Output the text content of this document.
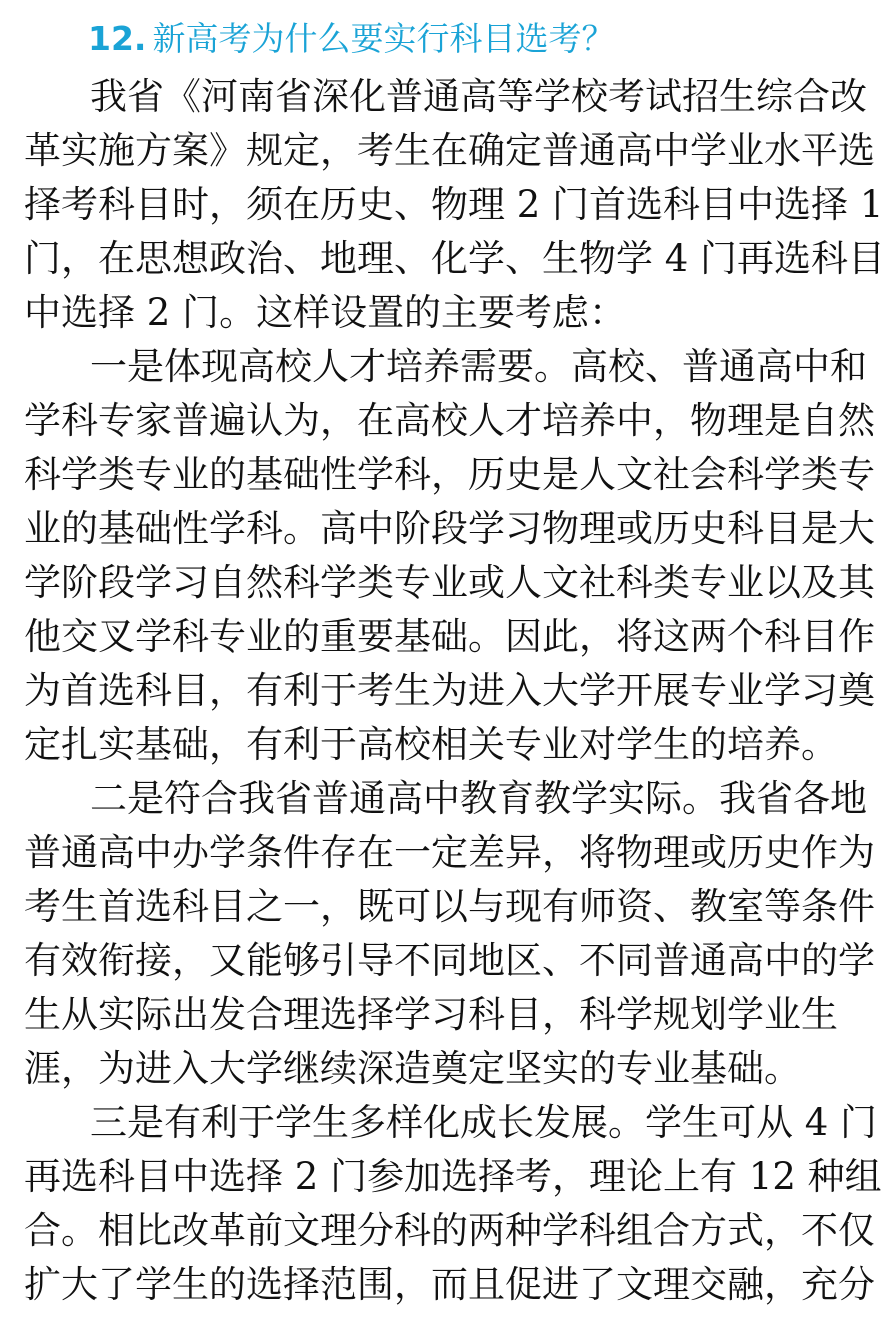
12. 新高考为什么要实行科目选考？
我省《河南省深化普通高等学校考试招生综合改
革实施方案》规定，考生在确定普通高中学业水平选
择考科目时，须在历史、物理 2 门首选科目中选择 1
门，在思想政治、地理、化学、生物学 4 门再选科目
中选择 2 门。这样设置的主要考虑：
一是体现高校人才培养需要。高校、普通高中和
学科专家普遍认为，在高校人才培养中，物理是自然
科学类专业的基础性学科，历史是人文社会科学类专
业的基础性学科。高中阶段学习物理或历史科目是大
学阶段学习自然科学类专业或人文社科类专业以及其
他交叉学科专业的重要基础。因此，将这两个科目作
为首选科目，有利于考生为进入大学开展专业学习奠
定扎实基础，有利于高校相关专业对学生的培养。
二是符合我省普通高中教育教学实际。我省各地
普通高中办学条件存在一定差异，将物理或历史作为
考生首选科目之一，既可以与现有师资、教室等条件
有效衔接，又能够引导不同地区、不同普通高中的学
生从实际出发合理选择学习科目，科学规划学业生
涯，为进入大学继续深造奠定坚实的专业基础。
三是有利于学生多样化成长发展。学生可从 4 门
再选科目中选择 2 门参加选择考，理论上有 12 种组
合。相比改革前文理分科的两种学科组合方式，不仅
扩大了学生的选择范围，而且促进了文理交融，充分
